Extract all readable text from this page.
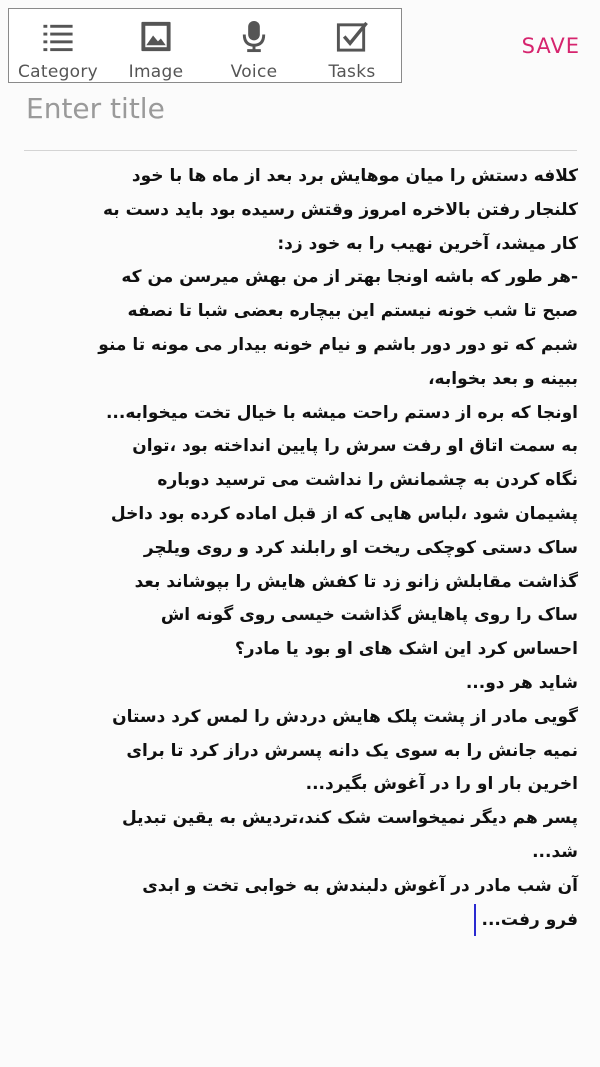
Category Image	Voice	Tasks
SAVE
Enter title
کلافه دستش را میان موهایش برد بعد از ماه ها با خود
کلنجار رفتن بالاخره امروز وقتش رسیده بود باید دست به
کار میشد، آخرین نهیب را به خود زد:
-هر طور که باشه اونجا بهتر از من بهش میرسن من که
صبح تا شب خونه نیستم این بیچاره بعضی شبا تا نصفه
شبم که تو دور دور باشم و نیام خونه بیدار می مونه تا منو
ببینه و بعد بخوابه،
اونجا که بره از دستم راحت میشه با خیال تخت میخوابه...
به سمت اتاق او رفت سرش را پایین انداخته بود ،توان
نگاه کردن به چشمانش را نداشت می ترسید دوباره
پشیمان شود ،لباس هایی که از قبل اماده کرده بود داخل
ساک دستی کوچکی ریخت او رابلند کرد و روی ویلچر
گذاشت مقابلش زانو زد تا کفش هایش را بپوشاند بعد
ساک را روی پاهایش گذاشت خیسی روی گونه اش
احساس کرد این اشک های او بود یا مادر؟
شاید هر دو...
گویی مادر از پشت پلک هایش دردش را لمس کرد دستان
نمیه جانش را به سوی یک دانه پسرش دراز کرد تا برای
اخرین بار او را در آغوش بگیرد...
پسر هم دیگر نمیخواست شک کند،تردیش به یقین تبدیل
شد...
آن شب مادر در آغوش دلبندش به خوابی تخت و ابدی
فرو رفت...
